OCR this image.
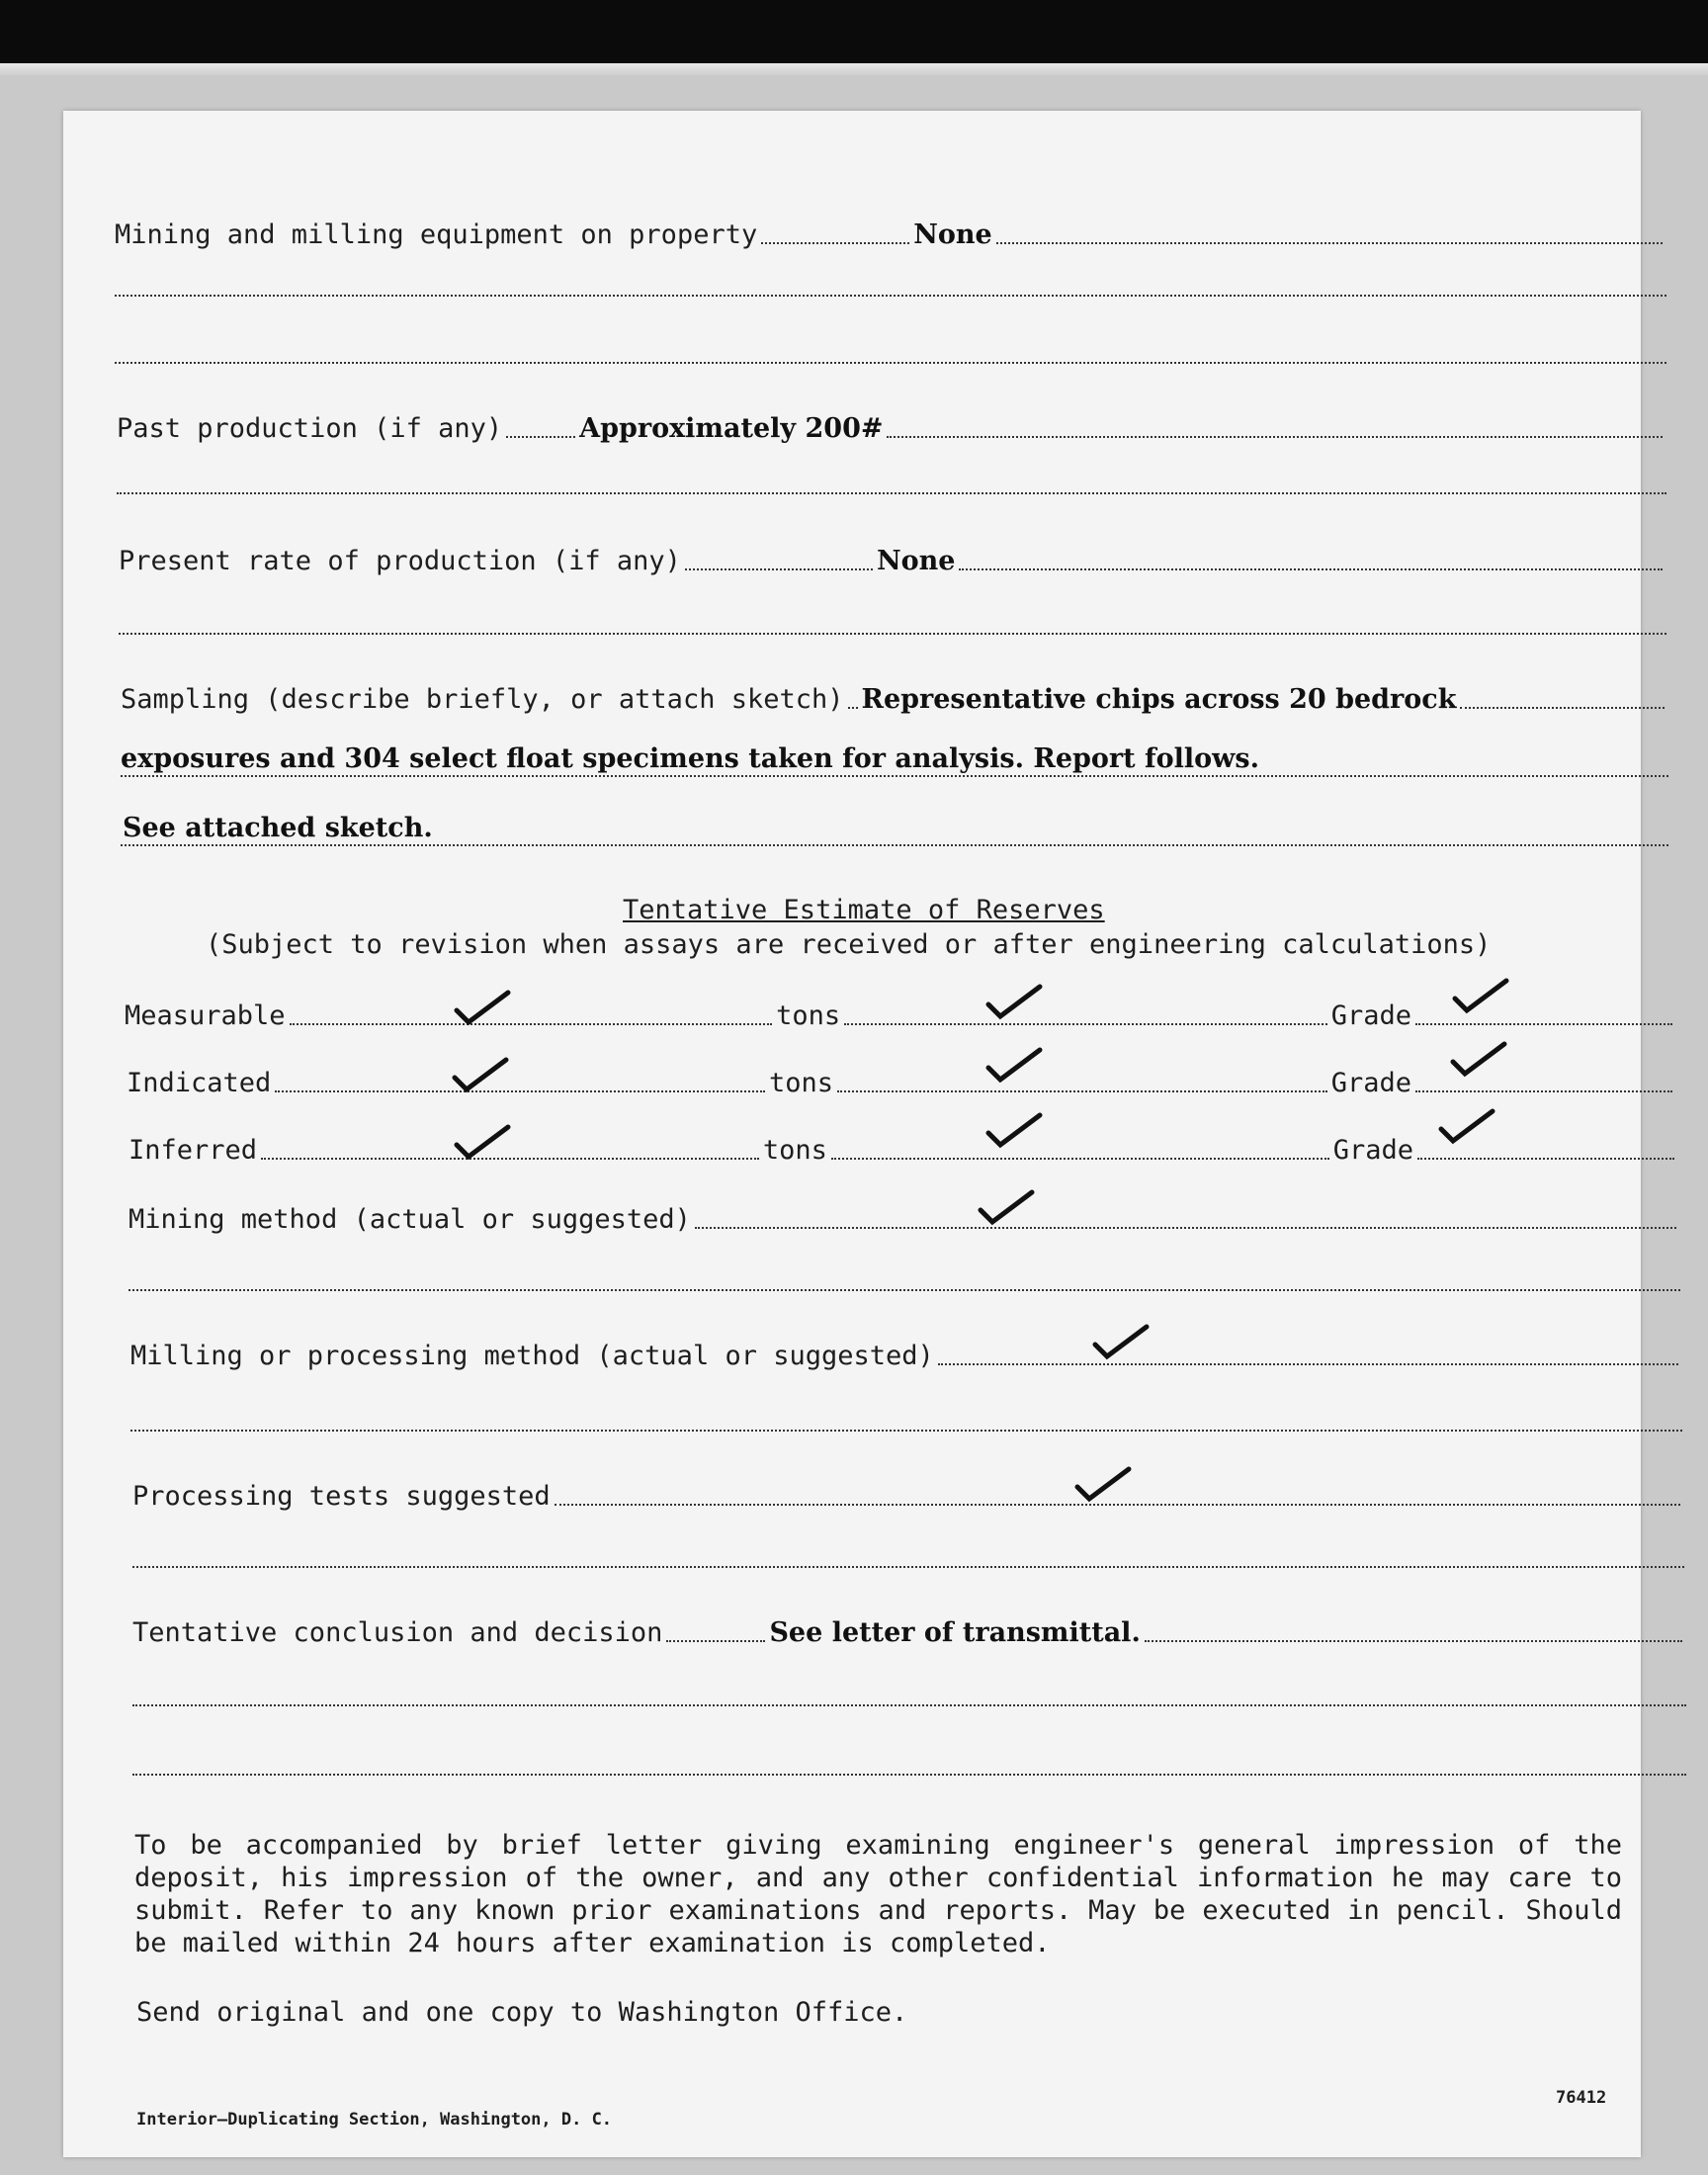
Mining and milling equipment on property	None
Past production (if any)	Approximately 200#
Present rate of production (if any)	None
Sampling (describe briefly, or attach sketch) Representative chips across 20 bedrock
exposures and 304 select float specimens taken for analysis. Report follows.
See attached sketch.
Tentative Estimate of Reserves
(Subject to revision when assays are received or after engineering calculations)
Measurable	tons	Grade
Indicated	tons	Grade
Inferred	tons	Grade
Mining method (actual or suggested)
Milling or processing method (actual or suggested)
Processing tests suggested
Tentative conclusion and decision	See letter of transmittal.
To be accompanied by brief letter giving examining engineer's general impression of the deposit, his impression of the owner, and any other confidential information he may care to submit. Refer to any known prior examinations and reports. May be executed in pencil. Should be mailed within 24 hours after examination is completed.
Send original and one copy to Washington Office.
Interior—Duplicating Section, Washington, D. C.
76412
